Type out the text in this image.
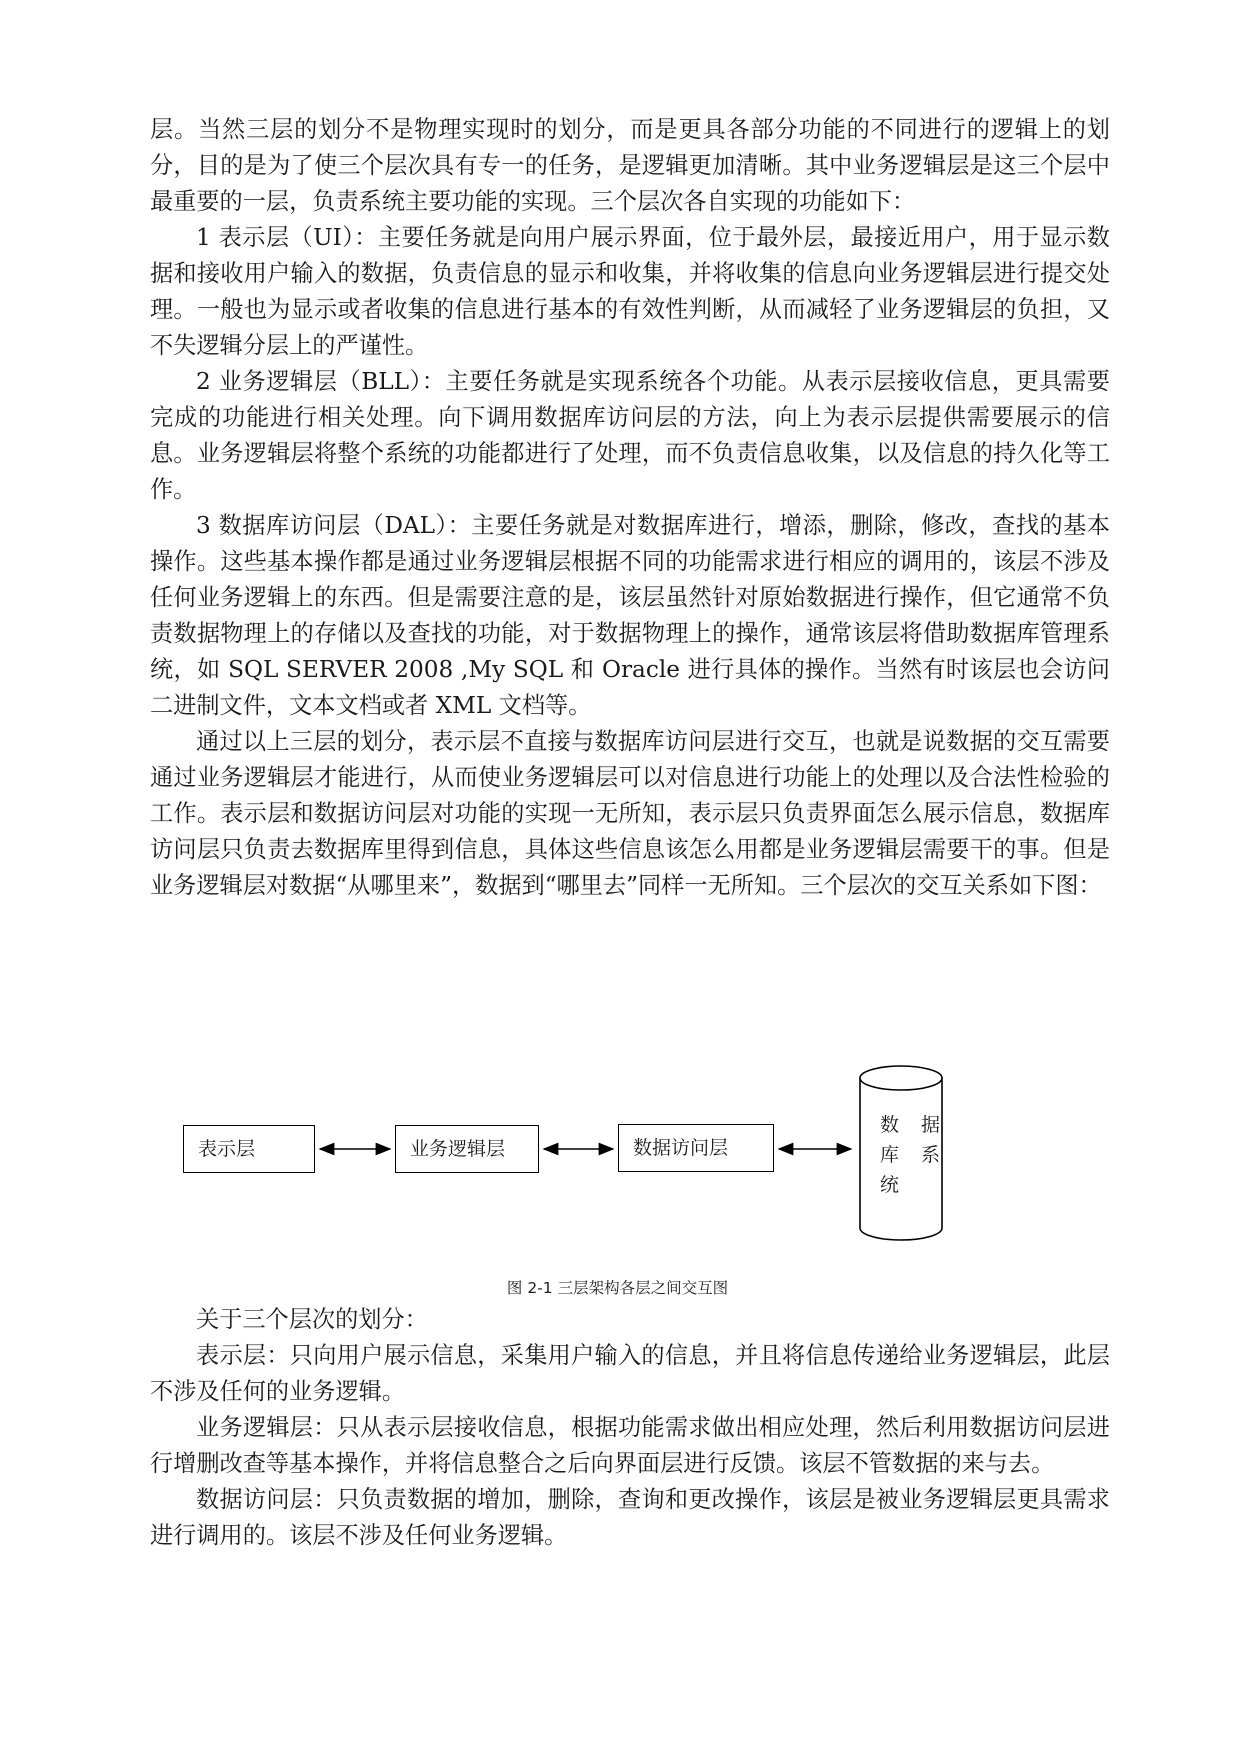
层。当然三层的划分不是物理实现时的划分，而是更具各部分功能的不同进行的逻辑上的划分，目的是为了使三个层次具有专一的任务，是逻辑更加清晰。其中业务逻辑层是这三个层中最重要的一层，负责系统主要功能的实现。三个层次各自实现的功能如下：

1 表示层（UI）：主要任务就是向用户展示界面，位于最外层，最接近用户，用于显示数据和接收用户输入的数据，负责信息的显示和收集，并将收集的信息向业务逻辑层进行提交处理。一般也为显示或者收集的信息进行基本的有效性判断，从而减轻了业务逻辑层的负担，又不失逻辑分层上的严谨性。

2 业务逻辑层（BLL）：主要任务就是实现系统各个功能。从表示层接收信息，更具需要完成的功能进行相关处理。向下调用数据库访问层的方法，向上为表示层提供需要展示的信息。业务逻辑层将整个系统的功能都进行了处理，而不负责信息收集，以及信息的持久化等工作。

3 数据库访问层（DAL）：主要任务就是对数据库进行，增添，删除，修改，查找的基本操作。这些基本操作都是通过业务逻辑层根据不同的功能需求进行相应的调用的，该层不涉及任何业务逻辑上的东西。但是需要注意的是，该层虽然针对原始数据进行操作，但它通常不负责数据物理上的存储以及查找的功能，对于数据物理上的操作，通常该层将借助数据库管理系统，如 SQL SERVER 2008 ,My SQL 和 Oracle 进行具体的操作。当然有时该层也会访问二进制文件，文本文档或者 XML 文档等。

通过以上三层的划分，表示层不直接与数据库访问层进行交互，也就是说数据的交互需要通过业务逻辑层才能进行，从而使业务逻辑层可以对信息进行功能上的处理以及合法性检验的工作。表示层和数据访问层对功能的实现一无所知，表示层只负责界面怎么展示信息，数据库访问层只负责去数据库里得到信息，具体这些信息该怎么用都是业务逻辑层需要干的事。但是业务逻辑层对数据“从哪里来”，数据到“哪里去”同样一无所知。三个层次的交互关系如下图：

表示层	业务逻辑层	数据访问层
数据
库系
统
图 2-1 三层架构各层之间交互图

关于三个层次的划分：

表示层：只向用户展示信息，采集用户输入的信息，并且将信息传递给业务逻辑层，此层不涉及任何的业务逻辑。

业务逻辑层：只从表示层接收信息，根据功能需求做出相应处理，然后利用数据访问层进行增删改查等基本操作，并将信息整合之后向界面层进行反馈。该层不管数据的来与去。

数据访问层：只负责数据的增加，删除，查询和更改操作，该层是被业务逻辑层更具需求进行调用的。该层不涉及任何业务逻辑。
